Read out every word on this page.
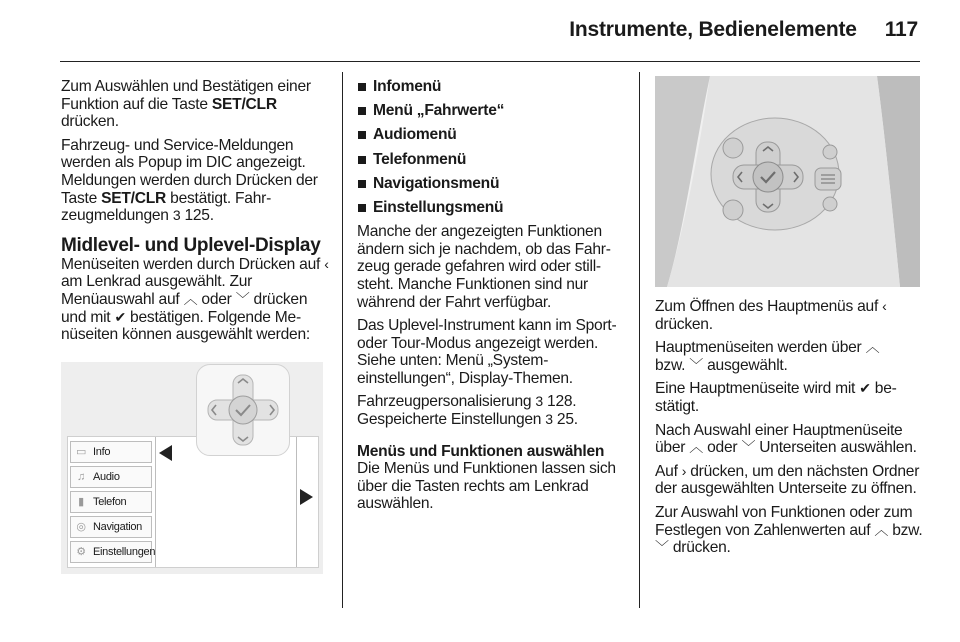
Instrumente, Bedienelemente 117

Zum Auswählen und Bestätigen einer Funktion auf die Taste SET/CLR drücken.

Fahrzeug- und Service-Meldungen werden als Popup im DIC angezeigt. Meldungen werden durch Drücken der Taste SET/CLR bestätigt. Fahrzeugmeldungen 3 125.

Midlevel- und Uplevel-Display

Menüseiten werden durch Drücken auf ‹ am Lenkrad ausgewählt. Zur Menüauswahl auf ︿ oder ﹀ drücken und mit ✔ bestätigen. Folgende Menüseiten können ausgewählt werden:

▭ Info
♫ Audio
▮ Telefon
◎ Navigation
⚙ Einstellungen
Infomenü
Menü „Fahrwerte“
Audiomenü
Telefonmenü
Navigationsmenü
Einstellungsmenü

Manche der angezeigten Funktionen ändern sich je nachdem, ob das Fahrzeug gerade gefahren wird oder stillsteht. Manche Funktionen sind nur während der Fahrt verfügbar.

Das Uplevel-Instrument kann im Sport- oder Tour-Modus angezeigt werden. Siehe unten: Menü „Systemeinstellungen“, Display-Themen.

Fahrzeugpersonalisierung 3 128.
Gespeicherte Einstellungen 3 25.

Menüs und Funktionen auswählen

Die Menüs und Funktionen lassen sich über die Tasten rechts am Lenkrad auswählen.

Zum Öffnen des Hauptmenüs auf ‹ drücken.

Hauptmenüseiten werden über ︿
bzw. ﹀ ausgewählt.

Eine Hauptmenüseite wird mit ✔ bestätigt.

Nach Auswahl einer Hauptmenüseite über ︿ oder ﹀ Unterseiten auswählen.

Auf › drücken, um den nächsten Ordner der ausgewählten Unterseite zu öffnen.

Zur Auswahl von Funktionen oder zum Festlegen von Zahlenwerten auf ︿ bzw. ﹀ drücken.
